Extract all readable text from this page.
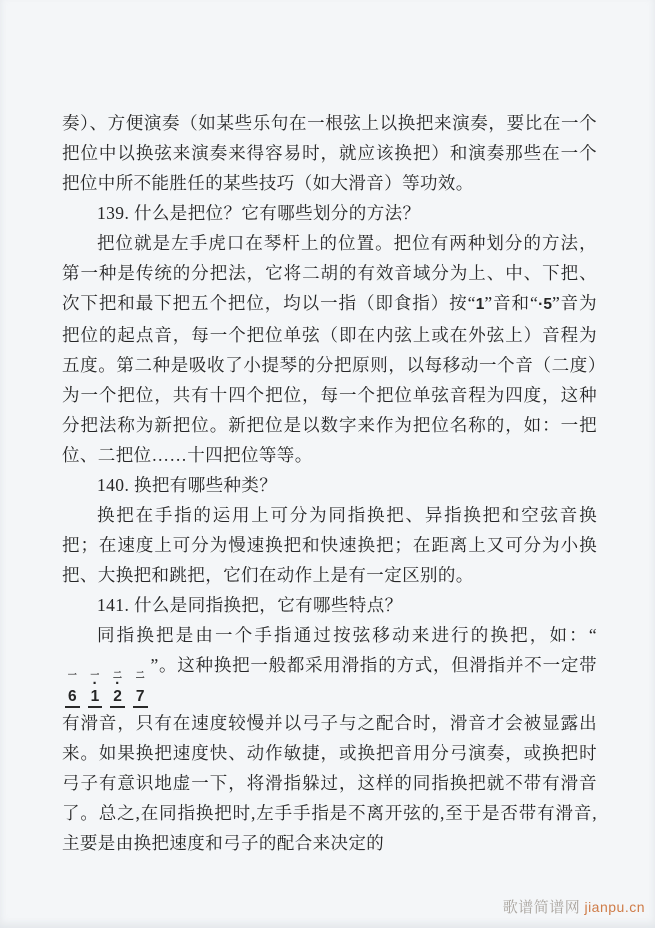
奏）、方便演奏（如某些乐句在一根弦上以换把来演奏，要比在一个把位中以换弦来演奏来得容易时，就应该换把）和演奏那些在一个把位中所不能胜任的某些技巧（如大滑音）等功效。

139. 什么是把位？它有哪些划分的方法？

把位就是左手虎口在琴杆上的位置。把位有两种划分的方法，第一种是传统的分把法，它将二胡的有效音域分为上、中、下把、次下把和最下把五个把位，均以一指（即食指）按“1”音和“·5”音为把位的起点音，每一个把位单弦（即在内弦上或在外弦上）音程为五度。第二种是吸收了小提琴的分把原则，以每移动一个音（二度）为一个把位，共有十四个把位，每一个把位单弦音程为四度，这种分把法称为新把位。新把位是以数字来作为把位名称的，如：一把位、二把位……十四把位等等。

140. 换把有哪些种类？

换把在手指的运用上可分为同指换把、异指换把和空弦音换把；在速度上可分为慢速换把和快速换把；在距离上又可分为小换把、大换把和跳把，它们在动作上是有一定区别的。

141. 什么是同指换把，它有哪些特点？

同指换把是由一个手指通过按弦移动来进行的换把，如：“
一
6
一
·
1
二
·
2
二
7
”。这种换把一般都采用滑指的方式，但滑指并不一定带有滑音，只有在速度较慢并以弓子与之配合时，滑音才会被显露出来。如果换把速度快、动作敏捷，或换把音用分弓演奏，或换把时弓子有意识地虚一下，将滑指躲过，这样的同指换把就不带有滑音了。总之,在同指换把时,左手手指是不离开弦的,至于是否带有滑音,主要是由换把速度和弓子的配合来决定的

歌谱简谱网 jianpu.cn
